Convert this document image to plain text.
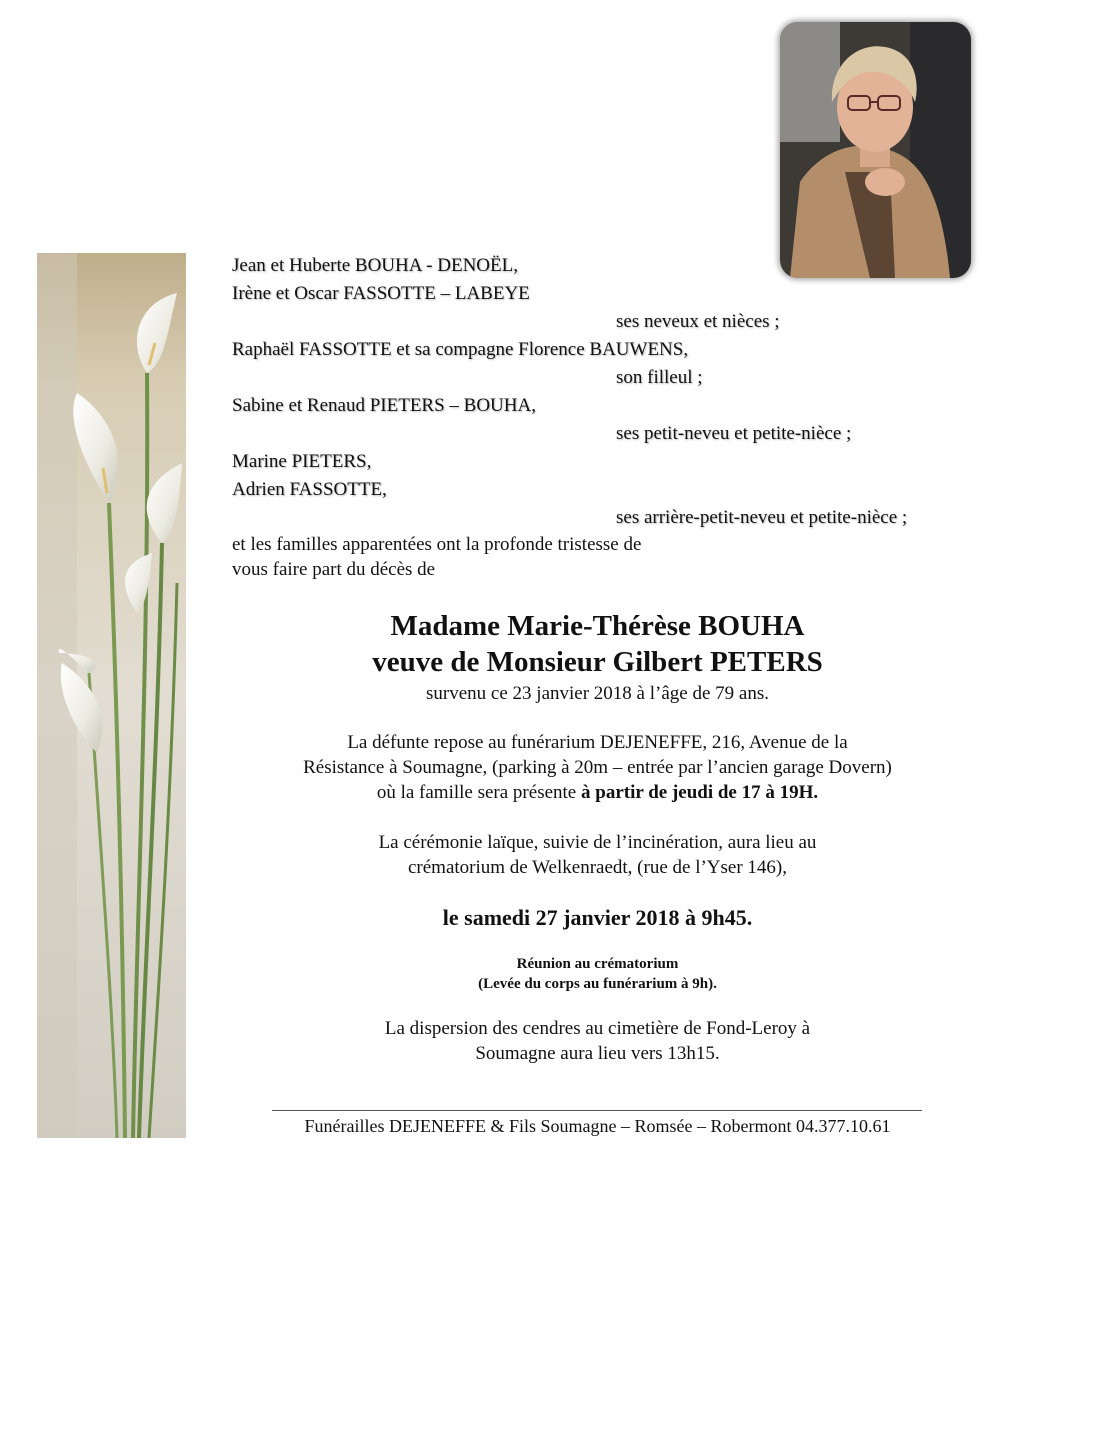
Jean et Huberte BOUHA - DENOËL,
Irène et Oscar FASSOTTE – LABEYE
ses neveux et nièces ;
Raphaël FASSOTTE et sa compagne Florence BAUWENS,
son filleul ;
Sabine et Renaud PIETERS – BOUHA,
ses petit-neveu et petite-nièce ;
Marine PIETERS,
Adrien FASSOTTE,
ses arrière-petit-neveu et petite-nièce ;
et les familles apparentées ont la profonde tristesse de
vous faire part du décès de
Madame Marie-Thérèse BOUHA
veuve de Monsieur Gilbert PETERS
survenu ce 23 janvier 2018 à l’âge de 79 ans.
La défunte repose au funérarium DEJENEFFE, 216, Avenue de la
Résistance à Soumagne, (parking à 20m – entrée par l’ancien garage Dovern)
où la famille sera présente à partir de jeudi de 17 à 19H.
La cérémonie laïque, suivie de l’incinération, aura lieu au
crématorium de Welkenraedt, (rue de l’Yser 146),
le samedi 27 janvier 2018 à 9h45.
Réunion au crématorium
(Levée du corps au funérarium à 9h).
La dispersion des cendres au cimetière de Fond-Leroy à
Soumagne aura lieu vers 13h15.
Funérailles DEJENEFFE & Fils Soumagne – Romsée – Robermont 04.377.10.61
